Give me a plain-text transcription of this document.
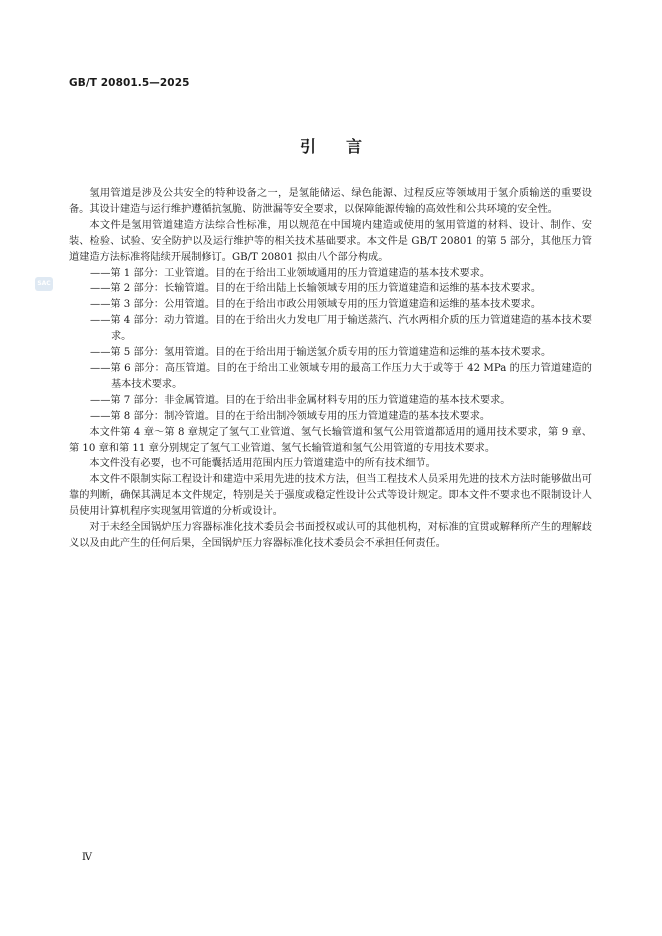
GB/T 20801.5—2025
SAC
引言

氢用管道是涉及公共安全的特种设备之一，是氢能储运、绿色能源、过程反应等领域用于氢介质输送的重要设备。其设计建造与运行维护遵循抗氢脆、防泄漏等安全要求，以保障能源传输的高效性和公共环境的安全性。

本文件是氢用管道建造方法综合性标准，用以规范在中国境内建造或使用的氢用管道的材料、设计、制作、安装、检验、试验、安全防护以及运行维护等的相关技术基础要求。本文件是 GB/T 20801 的第 5 部分，其他压力管道建造方法标准将陆续开展制修订。GB/T 20801 拟由八个部分构成。

——第 1 部分：工业管道。目的在于给出工业领域通用的压力管道建造的基本技术要求。

——第 2 部分：长输管道。目的在于给出陆上长输领域专用的压力管道建造和运维的基本技术要求。

——第 3 部分：公用管道。目的在于给出市政公用领域专用的压力管道建造和运维的基本技术要求。

——第 4 部分：动力管道。目的在于给出火力发电厂用于输送蒸汽、汽水两相介质的压力管道建造的基本技术要求。

——第 5 部分：氢用管道。目的在于给出用于输送氢介质专用的压力管道建造和运维的基本技术要求。

——第 6 部分：高压管道。目的在于给出工业领域专用的最高工作压力大于或等于 42 MPa 的压力管道建造的基本技术要求。

——第 7 部分：非金属管道。目的在于给出非金属材料专用的压力管道建造的基本技术要求。

——第 8 部分：制冷管道。目的在于给出制冷领域专用的压力管道建造的基本技术要求。

本文件第 4 章～第 8 章规定了氢气工业管道、氢气长输管道和氢气公用管道都适用的通用技术要求，第 9 章、第 10 章和第 11 章分别规定了氢气工业管道、氢气长输管道和氢气公用管道的专用技术要求。

本文件没有必要，也不可能囊括适用范围内压力管道建造中的所有技术细节。

本文件不限制实际工程设计和建造中采用先进的技术方法，但当工程技术人员采用先进的技术方法时能够做出可靠的判断，确保其满足本文件规定，特别是关于强度或稳定性设计公式等设计规定。即本文件不要求也不限制设计人员使用计算机程序实现氢用管道的分析或设计。

对于未经全国锅炉压力容器标准化技术委员会书面授权或认可的其他机构，对标准的宜贯或解释所产生的理解歧义以及由此产生的任何后果，全国锅炉压力容器标准化技术委员会不承担任何责任。

Ⅳ
